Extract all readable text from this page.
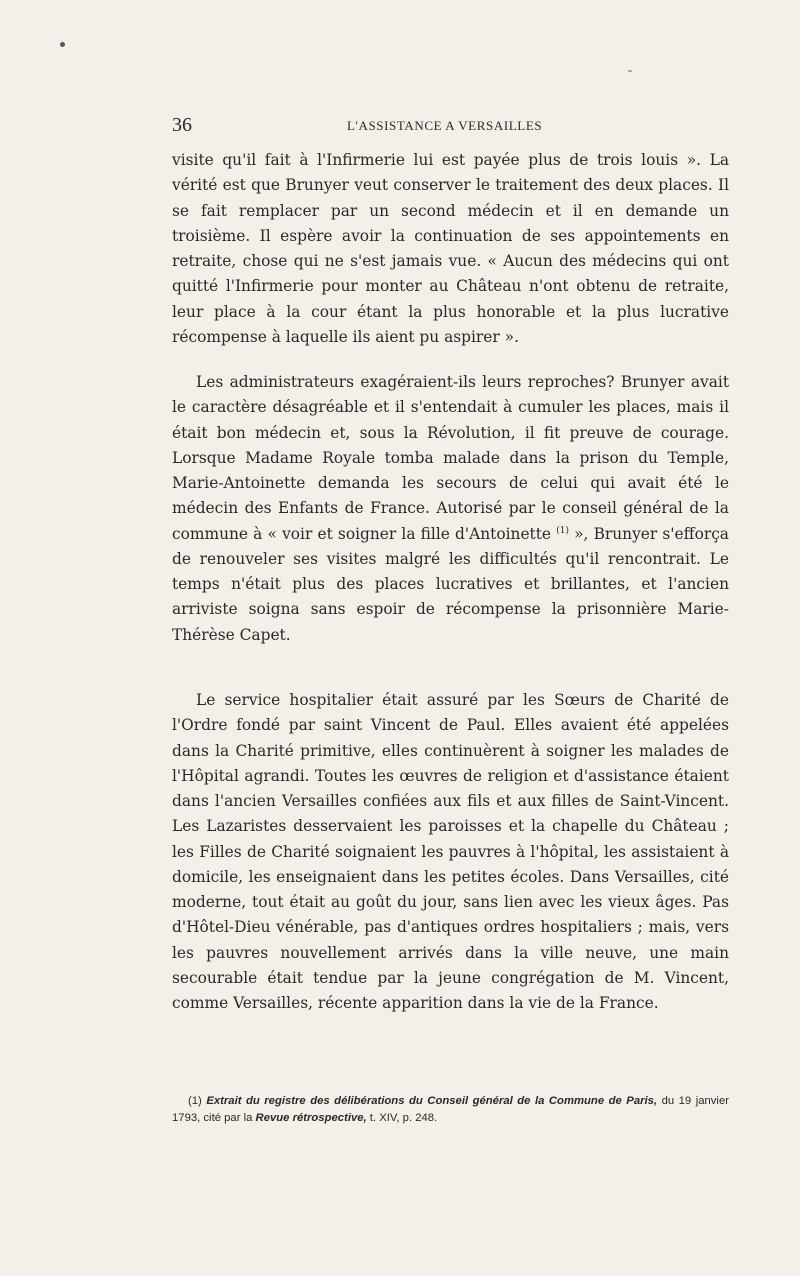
36	L'ASSISTANCE A VERSAILLES

visite qu'il fait à l'Infirmerie lui est payée plus de trois louis ». La vérité est que Brunyer veut conserver le traitement des deux places. Il se fait remplacer par un second médecin et il en demande un troisième. Il espère avoir la continuation de ses appointements en retraite, chose qui ne s'est jamais vue. « Aucun des médecins qui ont quitté l'Infirmerie pour monter au Château n'ont obtenu de retraite, leur place à la cour étant la plus honorable et la plus lucrative récompense à laquelle ils aient pu aspirer ».

Les administrateurs exagéraient-ils leurs reproches? Brunyer avait le caractère désagréable et il s'entendait à cumuler les places, mais il était bon médecin et, sous la Révolution, il fit preuve de courage. Lorsque Madame Royale tomba malade dans la prison du Temple, Marie-Antoinette demanda les secours de celui qui avait été le médecin des Enfants de France. Autorisé par le conseil général de la commune à « voir et soigner la fille d'Antoinette $^{(1)}$ », Brunyer s'efforça de renouveler ses visites malgré les difficultés qu'il rencontrait. Le temps n'était plus des places lucratives et brillantes, et l'ancien arriviste soigna sans espoir de récompense la prisonnière Marie-Thérèse Capet.

Le service hospitalier était assuré par les Sœurs de Charité de l'Ordre fondé par saint Vincent de Paul. Elles avaient été appelées dans la Charité primitive, elles continuèrent à soigner les malades de l'Hôpital agrandi. Toutes les œuvres de religion et d'assistance étaient dans l'ancien Versailles confiées aux fils et aux filles de Saint-Vincent. Les Lazaristes desservaient les paroisses et la chapelle du Château ; les Filles de Charité soignaient les pauvres à l'hôpital, les assistaient à domicile, les enseignaient dans les petites écoles. Dans Versailles, cité moderne, tout était au goût du jour, sans lien avec les vieux âges. Pas d'Hôtel-Dieu vénérable, pas d'antiques ordres hospitaliers ; mais, vers les pauvres nouvellement arrivés dans la ville neuve, une main secourable était tendue par la jeune congrégation de M. Vincent, comme Versailles, récente apparition dans la vie de la France.

(1) Extrait du registre des délibérations du Conseil général de la Commune de Paris, du 19 janvier 1793, cité par la Revue rétrospective, t. XIV, p. 248.
